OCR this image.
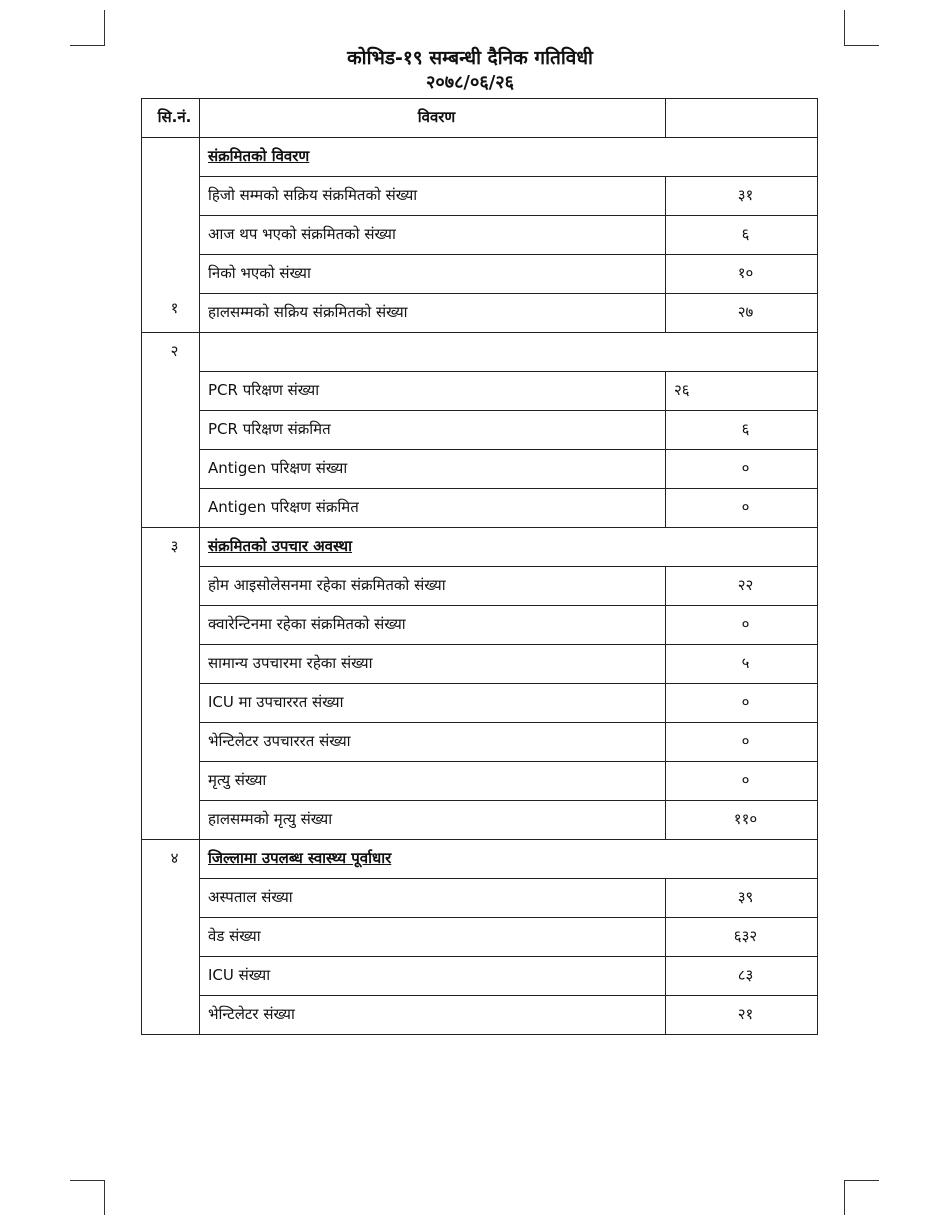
कोभिड-१९ सम्बन्धी दैनिक गतिविधी
२०७८/०६/२६
सि.नं.	विवरण	
१	संक्रमितको विवरण	
	हिजो सम्मको सक्रिय संक्रमितको संख्या	३१
	आज थप भएको संक्रमितको संख्या	६
	निको भएको संख्या	१०
	हालसम्मको सक्रिय संक्रमितको संख्या	२७
२		
	PCR परिक्षण संख्या	२६
	PCR परिक्षण संक्रमित	६
	Antigen परिक्षण संख्या	०
	Antigen परिक्षण संक्रमित	०
३	संक्रमितको उपचार अवस्था	
	होम आइसोलेसनमा रहेका संक्रमितको संख्या	२२
	क्वारेन्टिनमा रहेका संक्रमितको संख्या	०
	सामान्य उपचारमा रहेका संख्या	५
	ICU मा उपचाररत संख्या	०
	भेन्टिलेटर उपचाररत संख्या	०
	मृत्यु संख्या	०
	हालसम्मको मृत्यु संख्या	११०
४	जिल्लामा उपलब्ध स्वास्थ्य पूर्वाधार	
	अस्पताल संख्या	३९
	वेड संख्या	६३२
	ICU संख्या	८३
	भेन्टिलेटर संख्या	२१
